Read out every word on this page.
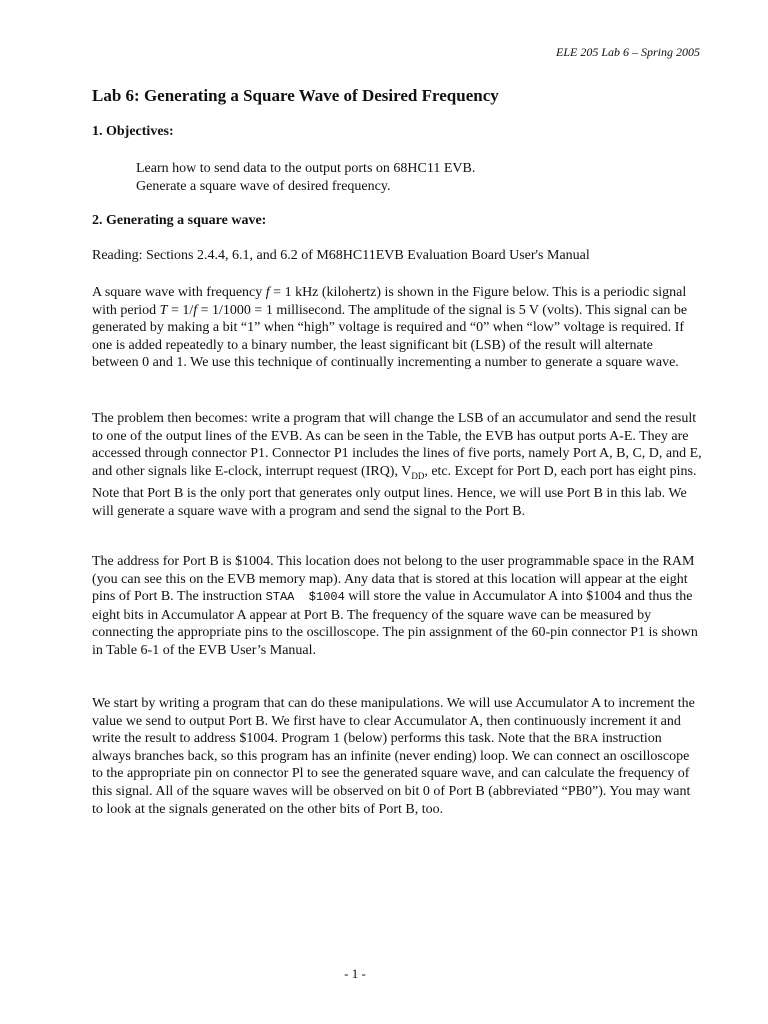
ELE 205 Lab 6 – Spring 2005
Lab 6: Generating a Square Wave of Desired Frequency
1. Objectives:
Learn how to send data to the output ports on 68HC11 EVB.
Generate a square wave of desired frequency.
2. Generating a square wave:
Reading: Sections 2.4.4, 6.1, and 6.2 of M68HC11EVB Evaluation Board User's Manual
A square wave with frequency f = 1 kHz (kilohertz) is shown in the Figure below. This is a periodic signal with period T = 1/f = 1/1000 = 1 millisecond. The amplitude of the signal is 5 V (volts). This signal can be generated by making a bit “1” when “high” voltage is required and “0” when “low” voltage is required. If one is added repeatedly to a binary number, the least significant bit (LSB) of the result will alternate between 0 and 1. We use this technique of continually incrementing a number to generate a square wave.
The problem then becomes: write a program that will change the LSB of an accumulator and send the result to one of the output lines of the EVB. As can be seen in the Table, the EVB has output ports A-E. They are accessed through connector P1. Connector P1 includes the lines of five ports, namely Port A, B, C, D, and E, and other signals like E-clock, interrupt request (IRQ), $V_{DD}$, etc. Except for Port D, each port has eight pins. Note that Port B is the only port that generates only output lines. Hence, we will use Port B in this lab. We will generate a square wave with a program and send the signal to the Port B.
The address for Port B is $1004. This location does not belong to the user programmable space in the RAM (you can see this on the EVB memory map). Any data that is stored at this location will appear at the eight pins of Port B. The instruction STAA  $1004 will store the value in Accumulator A into $1004 and thus the eight bits in Accumulator A appear at Port B. The frequency of the square wave can be measured by connecting the appropriate pins to the oscilloscope. The pin assignment of the 60-pin connector P1 is shown in Table 6-1 of the EVB User’s Manual.
We start by writing a program that can do these manipulations. We will use Accumulator A to increment the value we send to output Port B. We first have to clear Accumulator A, then continuously increment it and write the result to address $1004. Program 1 (below) performs this task. Note that the BRA instruction always branches back, so this program has an infinite (never ending) loop. We can connect an oscilloscope to the appropriate pin on connector Pl to see the generated square wave, and can calculate the frequency of this signal. All of the square waves will be observed on bit 0 of Port B (abbreviated “PB0”). You may want to look at the signals generated on the other bits of Port B, too.
- 1 -
